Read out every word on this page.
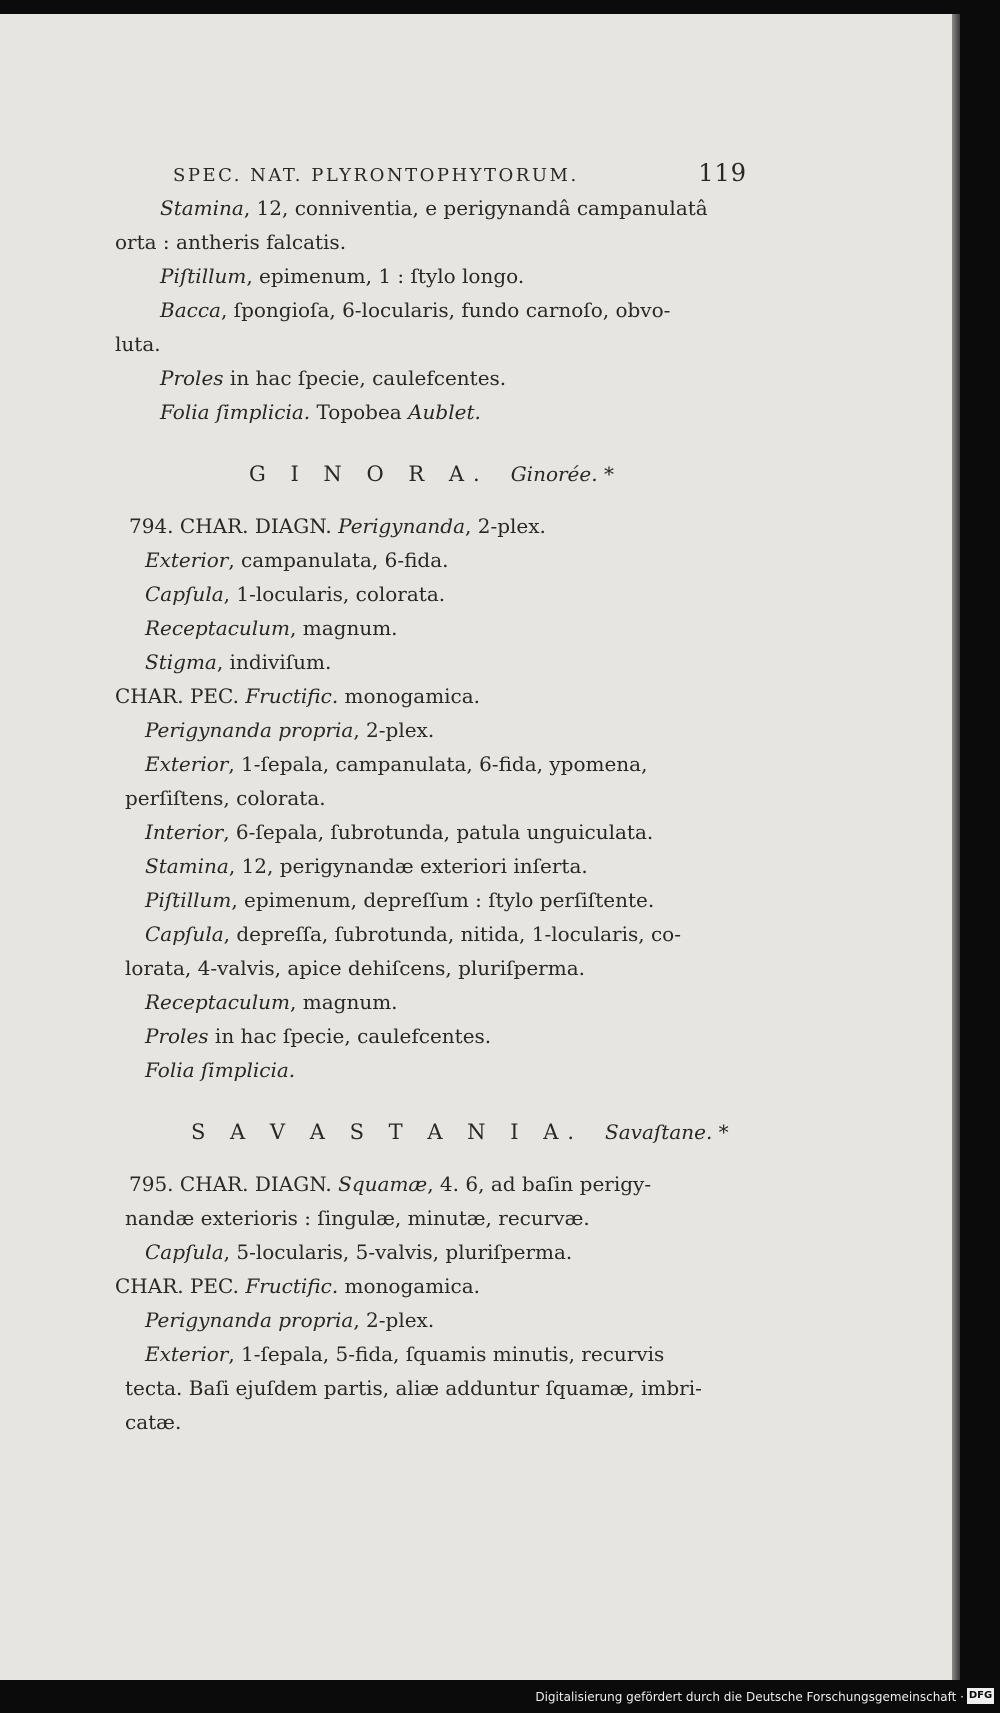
SPEC. NAT. PLYRONTOPHYTORUM.	119
Stamina, 12, conniventia, e perigynandâ campanulatâ
orta : antheris falcatis.
Piſtillum, epimenum, 1 : ſtylo longo.
Bacca, ſpongioſa, 6-locularis, fundo carnoſo, obvo-
luta.
Proles in hac ſpecie, caulefcentes.
Folia ſimplicia. Topobea Aublet.
G I N O R A. Ginorée. *
794. CHAR. DIAGN. Perigynanda, 2-plex.
Exterior, campanulata, 6-fida.
Capſula, 1-locularis, colorata.
Receptaculum, magnum.
Stigma, indiviſum.
CHAR. PEC. Fructific. monogamica.
Perigynanda propria, 2-plex.
Exterior, 1-ſepala, campanulata, 6-fida, ypomena,
perſiſtens, colorata.
Interior, 6-ſepala, ſubrotunda, patula unguiculata.
Stamina, 12, perigynandæ exteriori inſerta.
Piſtillum, epimenum, depreſſum : ſtylo perſiſtente.
Capſula, depreſſa, ſubrotunda, nitida, 1-locularis, co-
lorata, 4-valvis, apice dehiſcens, pluriſperma.
Receptaculum, magnum.
Proles in hac ſpecie, caulefcentes.
Folia ſimplicia.
S A V A S T A N I A. Savaſtane. *
795. CHAR. DIAGN. Squamæ, 4. 6, ad baſin perigy-
nandæ exterioris : ſingulæ, minutæ, recurvæ.
Capſula, 5-locularis, 5-valvis, pluriſperma.
CHAR. PEC. Fructific. monogamica.
Perigynanda propria, 2-plex.
Exterior, 1-ſepala, 5-fida, ſquamis minutis, recurvis
tecta. Baſi ejuſdem partis, aliæ adduntur ſquamæ, imbri-
catæ.
Digitalisierung gefördert durch die Deutsche Forschungsgemeinschaft · DFG
